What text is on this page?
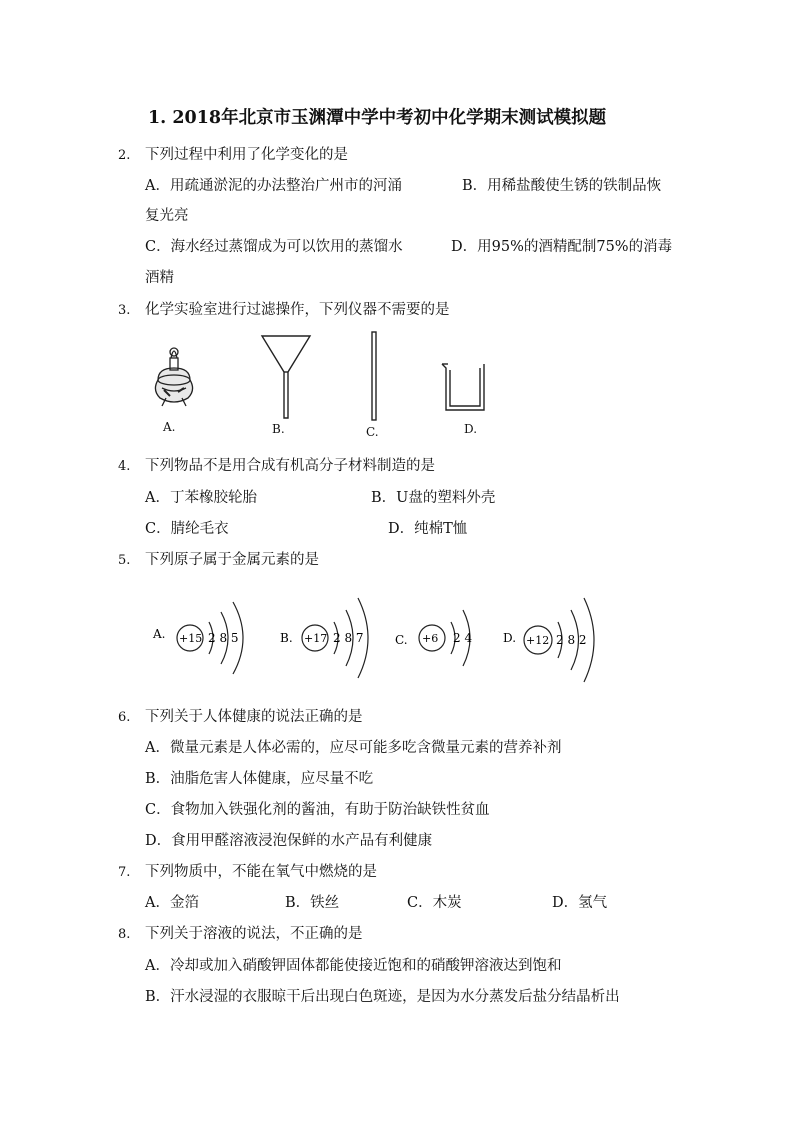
1. 2018年北京市玉渊潭中学中考初中化学期末测试模拟题
2. 下列过程中利用了化学变化的是
A．用疏通淤泥的办法整治广州市的河涌	B．用稀盐酸使生锈的铁制品恢
复光亮
C．海水经过蒸馏成为可以饮用的蒸馏水	D．用95%的酒精配制75%的消毒
酒精
3. 化学实验室进行过滤操作，下列仪器不需要的是
A.	B.	C.	D.
4. 下列物品不是用合成有机高分子材料制造的是
A．丁苯橡胶轮胎	B．U盘的塑料外壳
C．腈纶毛衣	D．纯棉T恤
5. 下列原子属于金属元素的是
A. +15 2 8 5	B. +17 2 8 7	C. +6 2 4	D. +12 2 8 2
6. 下列关于人体健康的说法正确的是
A．微量元素是人体必需的，应尽可能多吃含微量元素的营养补剂
B．油脂危害人体健康，应尽量不吃
C．食物加入铁强化剂的酱油，有助于防治缺铁性贫血
D．食用甲醛溶液浸泡保鲜的水产品有利健康
7. 下列物质中，不能在氧气中燃烧的是
A．金箔	B．铁丝	C．木炭	D．氢气
8. 下列关于溶液的说法，不正确的是
A．冷却或加入硝酸钾固体都能使接近饱和的硝酸钾溶液达到饱和
B．汗水浸湿的衣服晾干后出现白色斑迹，是因为水分蒸发后盐分结晶析出
